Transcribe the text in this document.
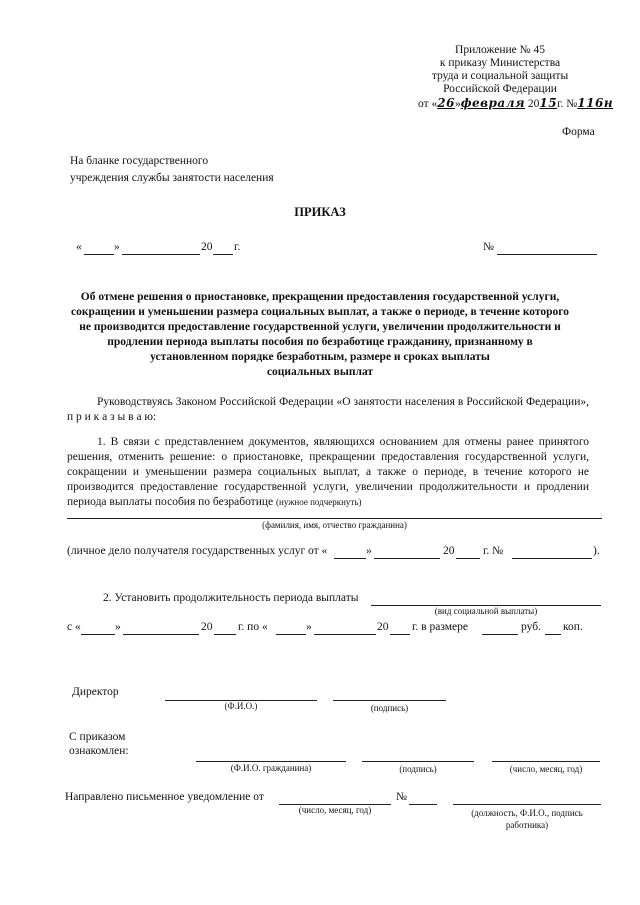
Приложение № 45
к приказу Министерства
труда и социальной защиты
Российской Федерации
от «26»февраля 2015г. №116н
Форма
На бланке государственного
учреждения службы занятости населения
ПРИКАЗ
«	»	20 г.	№
Об отмене решения о приостановке, прекращении предоставления государственной услуги,
сокращении и уменьшении размера социальных выплат, а также о периоде, в течение которого
не производится предоставление государственной услуги, увеличении продолжительности и
продлении периода выплаты пособия по безработице гражданину, признанному в
установленном порядке безработным, размере и сроках выплаты
социальных выплат
Руководствуясь Законом Российской Федерации «О занятости населения в Российской Федерации», п р и к а з ы в а ю:
1. В связи с представлением документов, являющихся основанием для отмены ранее принятого решения, отменить решение: о приостановке, прекращении предоставления государственной услуги, сокращении и уменьшении размера социальных выплат, а также о периоде, в течение которого не производится предоставление государственной услуги, увеличении продолжительности и продлении периода выплаты пособия по безработице (нужное подчеркнуть)
(фамилия, имя, отчество гражданина)
(личное дело получателя государственных услуг от «	»	20 г. №	).
2. Установить продолжительность периода выплаты
(вид социальной выплаты)
с «	»	20 г. по «	»	20 г. в размере	руб. коп.
Директор
(Ф.И.О.)	(подпись)
С приказом
ознакомлен:
(Ф.И.О. гражданина)	(подпись)	(число, месяц, год)
Направлено письменное уведомление от
(число, месяц, год)
№
(должность, Ф.И.О., подпись
работника)
